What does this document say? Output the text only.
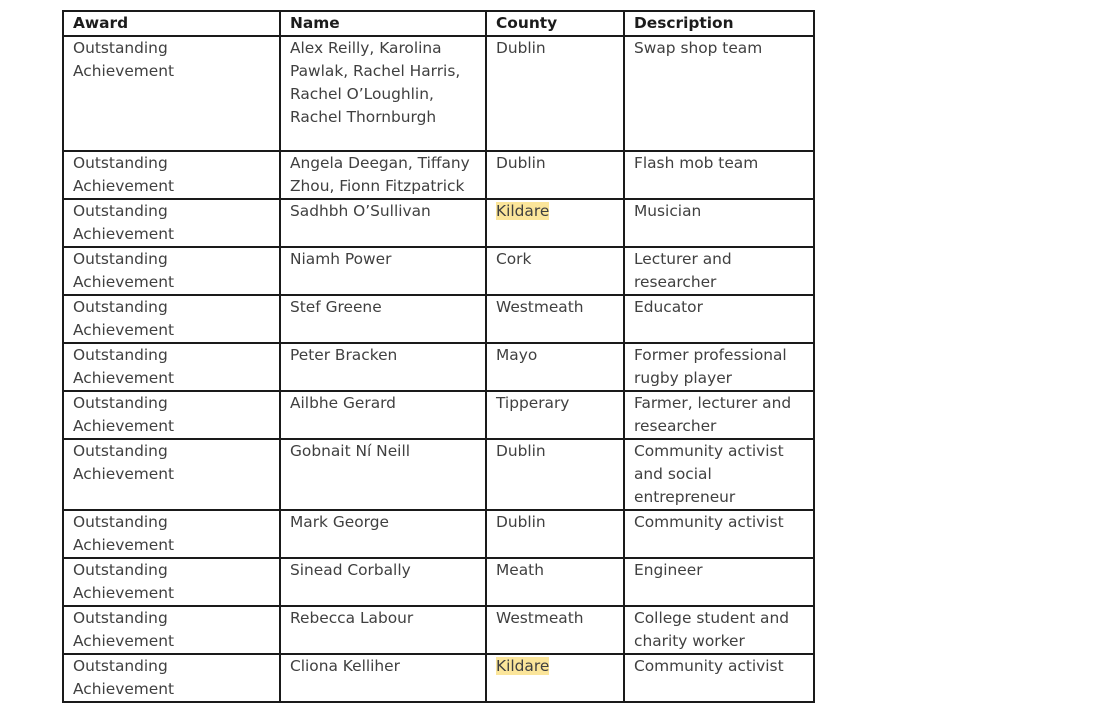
Award	Name	County	Description
Outstanding Achievement	Alex Reilly, Karolina Pawlak, Rachel Harris, Rachel O’Loughlin, Rachel Thornburgh	Dublin	Swap shop team
Outstanding Achievement	Angela Deegan, Tiffany Zhou, Fionn Fitzpatrick	Dublin	Flash mob team
Outstanding Achievement	Sadhbh O’Sullivan	Kildare	Musician
Outstanding Achievement	Niamh Power	Cork	Lecturer and researcher
Outstanding Achievement	Stef Greene	Westmeath	Educator
Outstanding Achievement	Peter Bracken	Mayo	Former professional rugby player
Outstanding Achievement	Ailbhe Gerard	Tipperary	Farmer, lecturer and researcher
Outstanding Achievement	Gobnait Ní Neill	Dublin	Community activist and social entrepreneur
Outstanding Achievement	Mark George	Dublin	Community activist
Outstanding Achievement	Sinead Corbally	Meath	Engineer
Outstanding Achievement	Rebecca Labour	Westmeath	College student and charity worker
Outstanding Achievement	Cliona Kelliher	Kildare	Community activist
